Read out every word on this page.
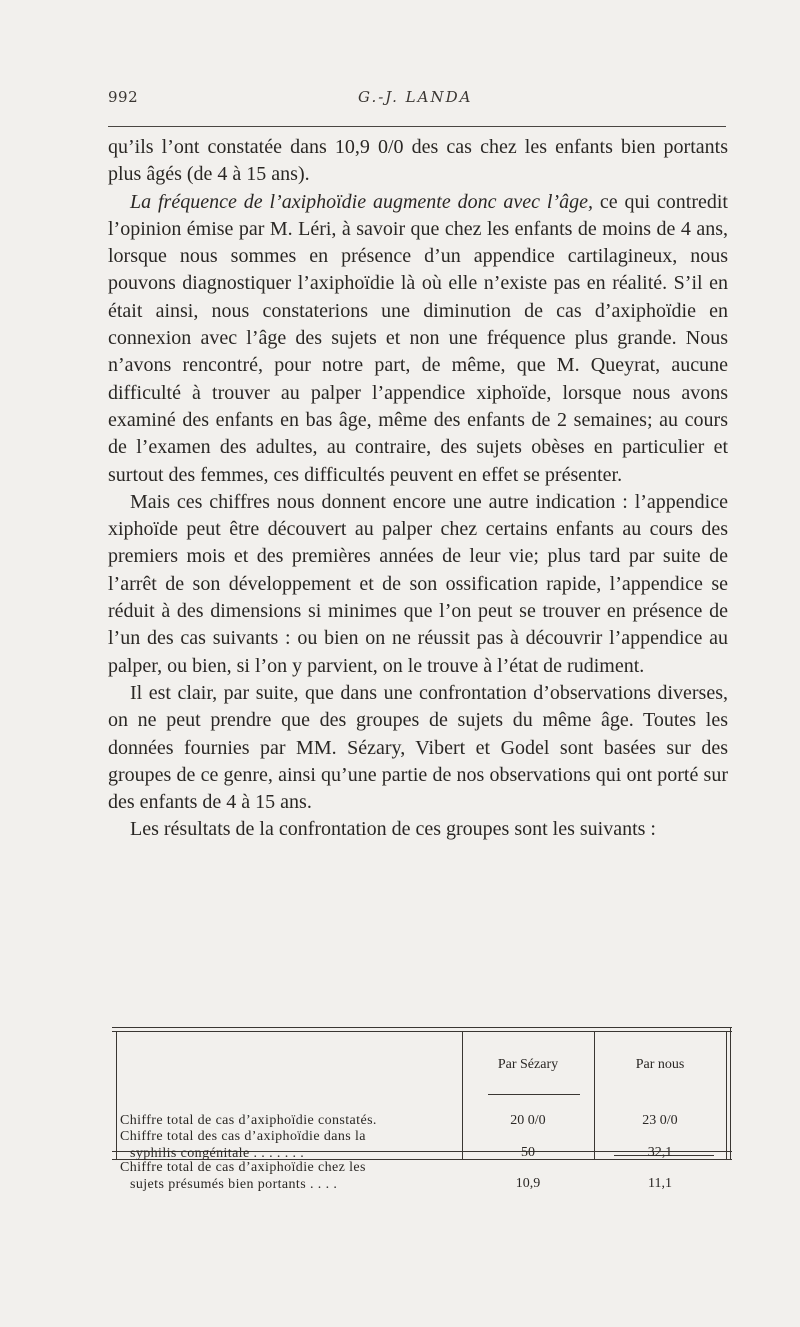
992	G.-J. LANDA

qu’ils l’ont constatée dans 10,9 0/0 des cas chez les enfants bien portants plus âgés (de 4 à 15 ans).

La fréquence de l’axiphoïdie augmente donc avec l’âge, ce qui contredit l’opinion émise par M. Léri, à savoir que chez les enfants de moins de 4 ans, lorsque nous sommes en présence d’un appendice cartilagineux, nous pouvons diagnostiquer l’axiphoïdie là où elle n’existe pas en réalité. S’il en était ainsi, nous constaterions une diminution de cas d’axiphoïdie en connexion avec l’âge des sujets et non une fréquence plus grande. Nous n’avons rencontré, pour notre part, de même, que M. Queyrat, aucune difficulté à trouver au palper l’appendice xiphoïde, lorsque nous avons examiné des enfants en bas âge, même des enfants de 2 semaines; au cours de l’examen des adultes, au contraire, des sujets obèses en particulier et surtout des femmes, ces difficultés peuvent en effet se présenter.

Mais ces chiffres nous donnent encore une autre indication : l’appendice xiphoïde peut être découvert au palper chez certains enfants au cours des premiers mois et des premières années de leur vie; plus tard par suite de l’arrêt de son développement et de son ossification rapide, l’appendice se réduit à des dimensions si minimes que l’on peut se trouver en présence de l’un des cas suivants : ou bien on ne réussit pas à découvrir l’appendice au palper, ou bien, si l’on y parvient, on le trouve à l’état de rudiment.

Il est clair, par suite, que dans une confrontation d’observations diverses, on ne peut prendre que des groupes de sujets du même âge. Toutes les données fournies par MM. Sézary, Vibert et Godel sont basées sur des groupes de ce genre, ainsi qu’une partie de nos observations qui ont porté sur des enfants de 4 à 15 ans.

Les résultats de la confrontation de ces groupes sont les suivants :

Par Sézary	Par nous
Chiffre total de cas d’axiphoïdie constatés.	20 0/0	23 0/0
Chiffre total des cas d’axiphoïdie dans la
syphilis congénitale . . . . . . .	50	32,1
Chiffre total de cas d’axiphoïdie chez les
sujets présumés bien portants . . . .	10,9	11,1
